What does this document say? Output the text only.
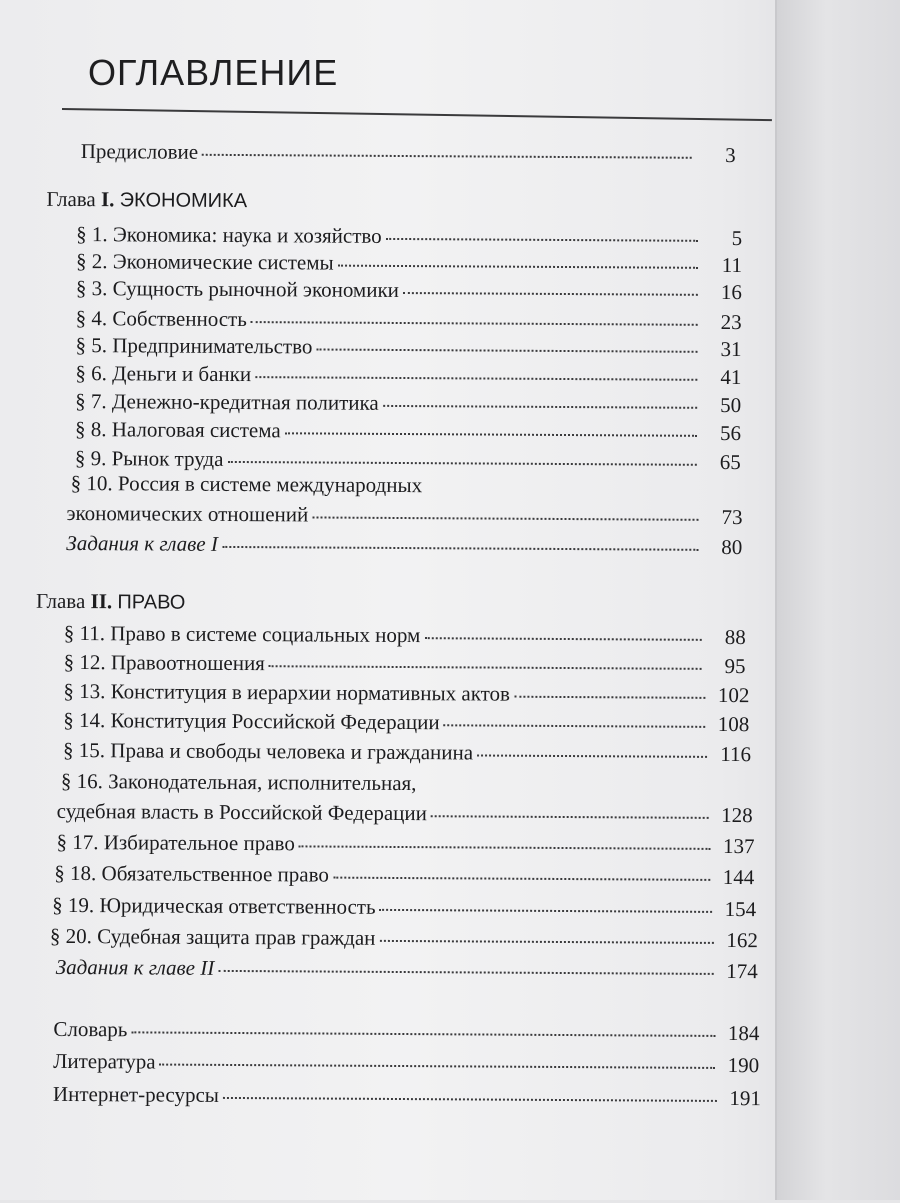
ОГЛАВЛЕНИЕ
Предисловие	3
Глава I. ЭКОНОМИКА
§ 1. Экономика: наука и хозяйство	5
§ 2. Экономические системы	11
§ 3. Сущность рыночной экономики	16
§ 4. Собственность	23
§ 5. Предпринимательство	31
§ 6. Деньги и банки	41
§ 7. Денежно-кредитная политика	50
§ 8. Налоговая система	56
§ 9. Рынок труда	65
§ 10. Россия в системе международных
экономических отношений	73
Задания к главе I	80
Глава II. ПРАВО
§ 11. Право в системе социальных норм	88
§ 12. Правоотношения	95
§ 13. Конституция в иерархии нормативных актов	102
§ 14. Конституция Российской Федерации	108
§ 15. Права и свободы человека и гражданина	116
§ 16. Законодательная, исполнительная,
судебная власть в Российской Федерации	128
§ 17. Избирательное право	137
§ 18. Обязательственное право	144
§ 19. Юридическая ответственность	154
§ 20. Судебная защита прав граждан	162
Задания к главе II	174
Словарь	184
Литература	190
Интернет-ресурсы	191
